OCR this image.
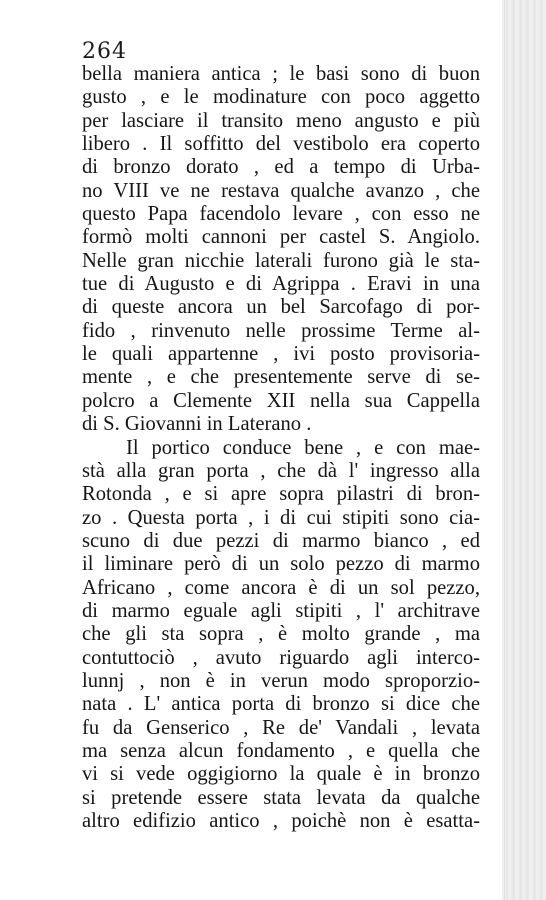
264
bella maniera antica ; le basi sono di buon
gusto , e le modinature con poco aggetto
per lasciare il transito meno angusto e più
libero . Il soffitto del vestibolo era coperto
di bronzo dorato , ed a tempo di Urba-
no VIII ve ne restava qualche avanzo , che
questo Papa facendolo levare , con esso ne
formò molti cannoni per castel S. Angiolo.
Nelle gran nicchie laterali furono già le sta-
tue di Augusto e di Agrippa . Eravi in una
di queste ancora un bel Sarcofago di por-
fido , rinvenuto nelle prossime Terme al-
le quali appartenne , ivi posto provisoria-
mente , e che presentemente serve di se-
polcro a Clemente XII nella sua Cappella
di S. Giovanni in Laterano .
Il portico conduce bene , e con mae-
stà alla gran porta , che dà l' ingresso alla
Rotonda , e si apre sopra pilastri di bron-
zo . Questa porta , i di cui stipiti sono cia-
scuno di due pezzi di marmo bianco , ed
il liminare però di un solo pezzo di marmo
Africano , come ancora è di un sol pezzo,
di marmo eguale agli stipiti , l' architrave
che gli sta sopra , è molto grande , ma
contuttociò , avuto riguardo agli interco-
lunnj , non è in verun modo sproporzio-
nata . L' antica porta di bronzo si dice che
fu da Genserico , Re de' Vandali , levata
ma senza alcun fondamento , e quella che
vi si vede oggigiorno la quale è in bronzo
si pretende essere stata levata da qualche
altro edifizio antico , poichè non è esatta-
